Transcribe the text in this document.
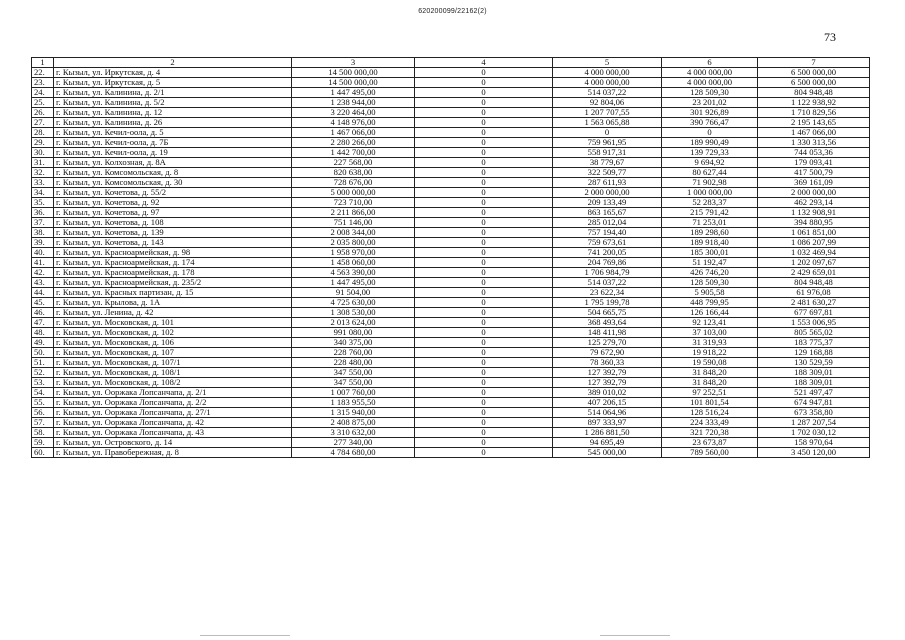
620200099/22162(2)
73
1	2	3	4	5	6	7
22.	г. Кызыл, ул. Иркутская, д. 4	14 500 000,00	0	4 000 000,00	4 000 000,00	6 500 000,00
23.	г. Кызыл, ул. Иркутская, д. 5	14 500 000,00	0	4 000 000,00	4 000 000,00	6 500 000,00
24.	г. Кызыл, ул. Калинина, д. 2/1	1 447 495,00	0	514 037,22	128 509,30	804 948,48
25.	г. Кызыл, ул. Калинина, д. 5/2	1 238 944,00	0	92 804,06	23 201,02	1 122 938,92
26.	г. Кызыл, ул. Калинина, д. 12	3 220 464,00	0	1 207 707,55	301 926,89	1 710 829,56
27.	г. Кызыл, ул. Калинина, д. 26	4 148 976,00	0	1 563 065,88	390 766,47	2 195 143,65
28.	г. Кызыл, ул. Кечил-оола, д. 5	1 467 066,00	0	0	0	1 467 066,00
29.	г. Кызыл, ул. Кечил-оола, д. 7Б	2 280 266,00	0	759 961,95	189 990,49	1 330 313,56
30.	г. Кызыл, ул. Кечил-оола, д. 19	1 442 700,00	0	558 917,31	139 729,33	744 053,36
31.	г. Кызыл, ул. Колхозная, д. 8А	227 568,00	0	38 779,67	9 694,92	179 093,41
32.	г. Кызыл, ул. Комсомольская, д. 8	820 638,00	0	322 509,77	80 627,44	417 500,79
33.	г. Кызыл, ул. Комсомольская, д. 30	728 676,00	0	287 611,93	71 902,98	369 161,09
34.	г. Кызыл, ул. Кочетова, д. 55/2	5 000 000,00	0	2 000 000,00	1 000 000,00	2 000 000,00
35.	г. Кызыл, ул. Кочетова, д. 92	723 710,00	0	209 133,49	52 283,37	462 293,14
36.	г. Кызыл, ул. Кочетова, д. 97	2 211 866,00	0	863 165,67	215 791,42	1 132 908,91
37.	г. Кызыл, ул. Кочетова, д. 108	751 146,00	0	285 012,04	71 253,01	394 880,95
38.	г. Кызыл, ул. Кочетова, д. 139	2 008 344,00	0	757 194,40	189 298,60	1 061 851,00
39.	г. Кызыл, ул. Кочетова, д. 143	2 035 800,00	0	759 673,61	189 918,40	1 086 207,99
40.	г. Кызыл, ул. Красноармейская, д. 98	1 958 970,00	0	741 200,05	185 300,01	1 032 469,94
41.	г. Кызыл, ул. Красноармейская, д. 174	1 458 060,00	0	204 769,86	51 192,47	1 202 097,67
42.	г. Кызыл, ул. Красноармейская, д. 178	4 563 390,00	0	1 706 984,79	426 746,20	2 429 659,01
43.	г. Кызыл, ул. Красноармейская, д. 235/2	1 447 495,00	0	514 037,22	128 509,30	804 948,48
44.	г. Кызыл, ул. Красных партизан, д. 15	91 504,00	0	23 622,34	5 905,58	61 976,08
45.	г. Кызыл, ул. Крылова, д. 1А	4 725 630,00	0	1 795 199,78	448 799,95	2 481 630,27
46.	г. Кызыл, ул. Ленина, д. 42	1 308 530,00	0	504 665,75	126 166,44	677 697,81
47.	г. Кызыл, ул. Московская, д. 101	2 013 624,00	0	368 493,64	92 123,41	1 553 006,95
48.	г. Кызыл, ул. Московская, д. 102	991 080,00	0	148 411,98	37 103,00	805 565,02
49.	г. Кызыл, ул. Московская, д. 106	340 375,00	0	125 279,70	31 319,93	183 775,37
50.	г. Кызыл, ул. Московская, д. 107	228 760,00	0	79 672,90	19 918,22	129 168,88
51.	г. Кызыл, ул. Московская, д. 107/1	228 480,00	0	78 360,33	19 590,08	130 529,59
52.	г. Кызыл, ул. Московская, д. 108/1	347 550,00	0	127 392,79	31 848,20	188 309,01
53.	г. Кызыл, ул. Московская, д. 108/2	347 550,00	0	127 392,79	31 848,20	188 309,01
54.	г. Кызыл, ул. Ооржака Лопсанчапа, д. 2/1	1 007 760,00	0	389 010,02	97 252,51	521 497,47
55.	г. Кызыл, ул. Ооржака Лопсанчапа, д. 2/2	1 183 955,50	0	407 206,15	101 801,54	674 947,81
56.	г. Кызыл, ул. Ооржака Лопсанчапа, д. 27/1	1 315 940,00	0	514 064,96	128 516,24	673 358,80
57.	г. Кызыл, ул. Ооржака Лопсанчапа, д. 42	2 408 875,00	0	897 333,97	224 333,49	1 287 207,54
58.	г. Кызыл, ул. Ооржака Лопсанчапа, д. 43	3 310 632,00	0	1 286 881,50	321 720,38	1 702 030,12
59.	г. Кызыл, ул. Островского, д. 14	277 340,00	0	94 695,49	23 673,87	158 970,64
60.	г. Кызыл, ул. Правобережная, д. 8	4 784 680,00	0	545 000,00	789 560,00	3 450 120,00
